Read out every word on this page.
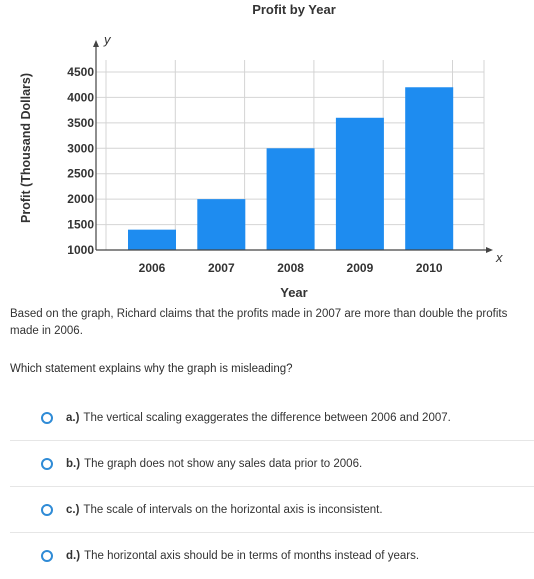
1000
1500
2000
2500
3000
3500
4000
4500
2006	2007	2008	2009	2010
y
x
Profit by Year
Year
Profit (Thousand Dollars)
Based on the graph, Richard claims that the profits made in 2007 are more than double the profits made in 2006.
Which statement explains why the graph is misleading?
a.) The vertical scaling exaggerates the difference between 2006 and 2007.
b.) The graph does not show any sales data prior to 2006.
c.) The scale of intervals on the horizontal axis is inconsistent.
d.) The horizontal axis should be in terms of months instead of years.
